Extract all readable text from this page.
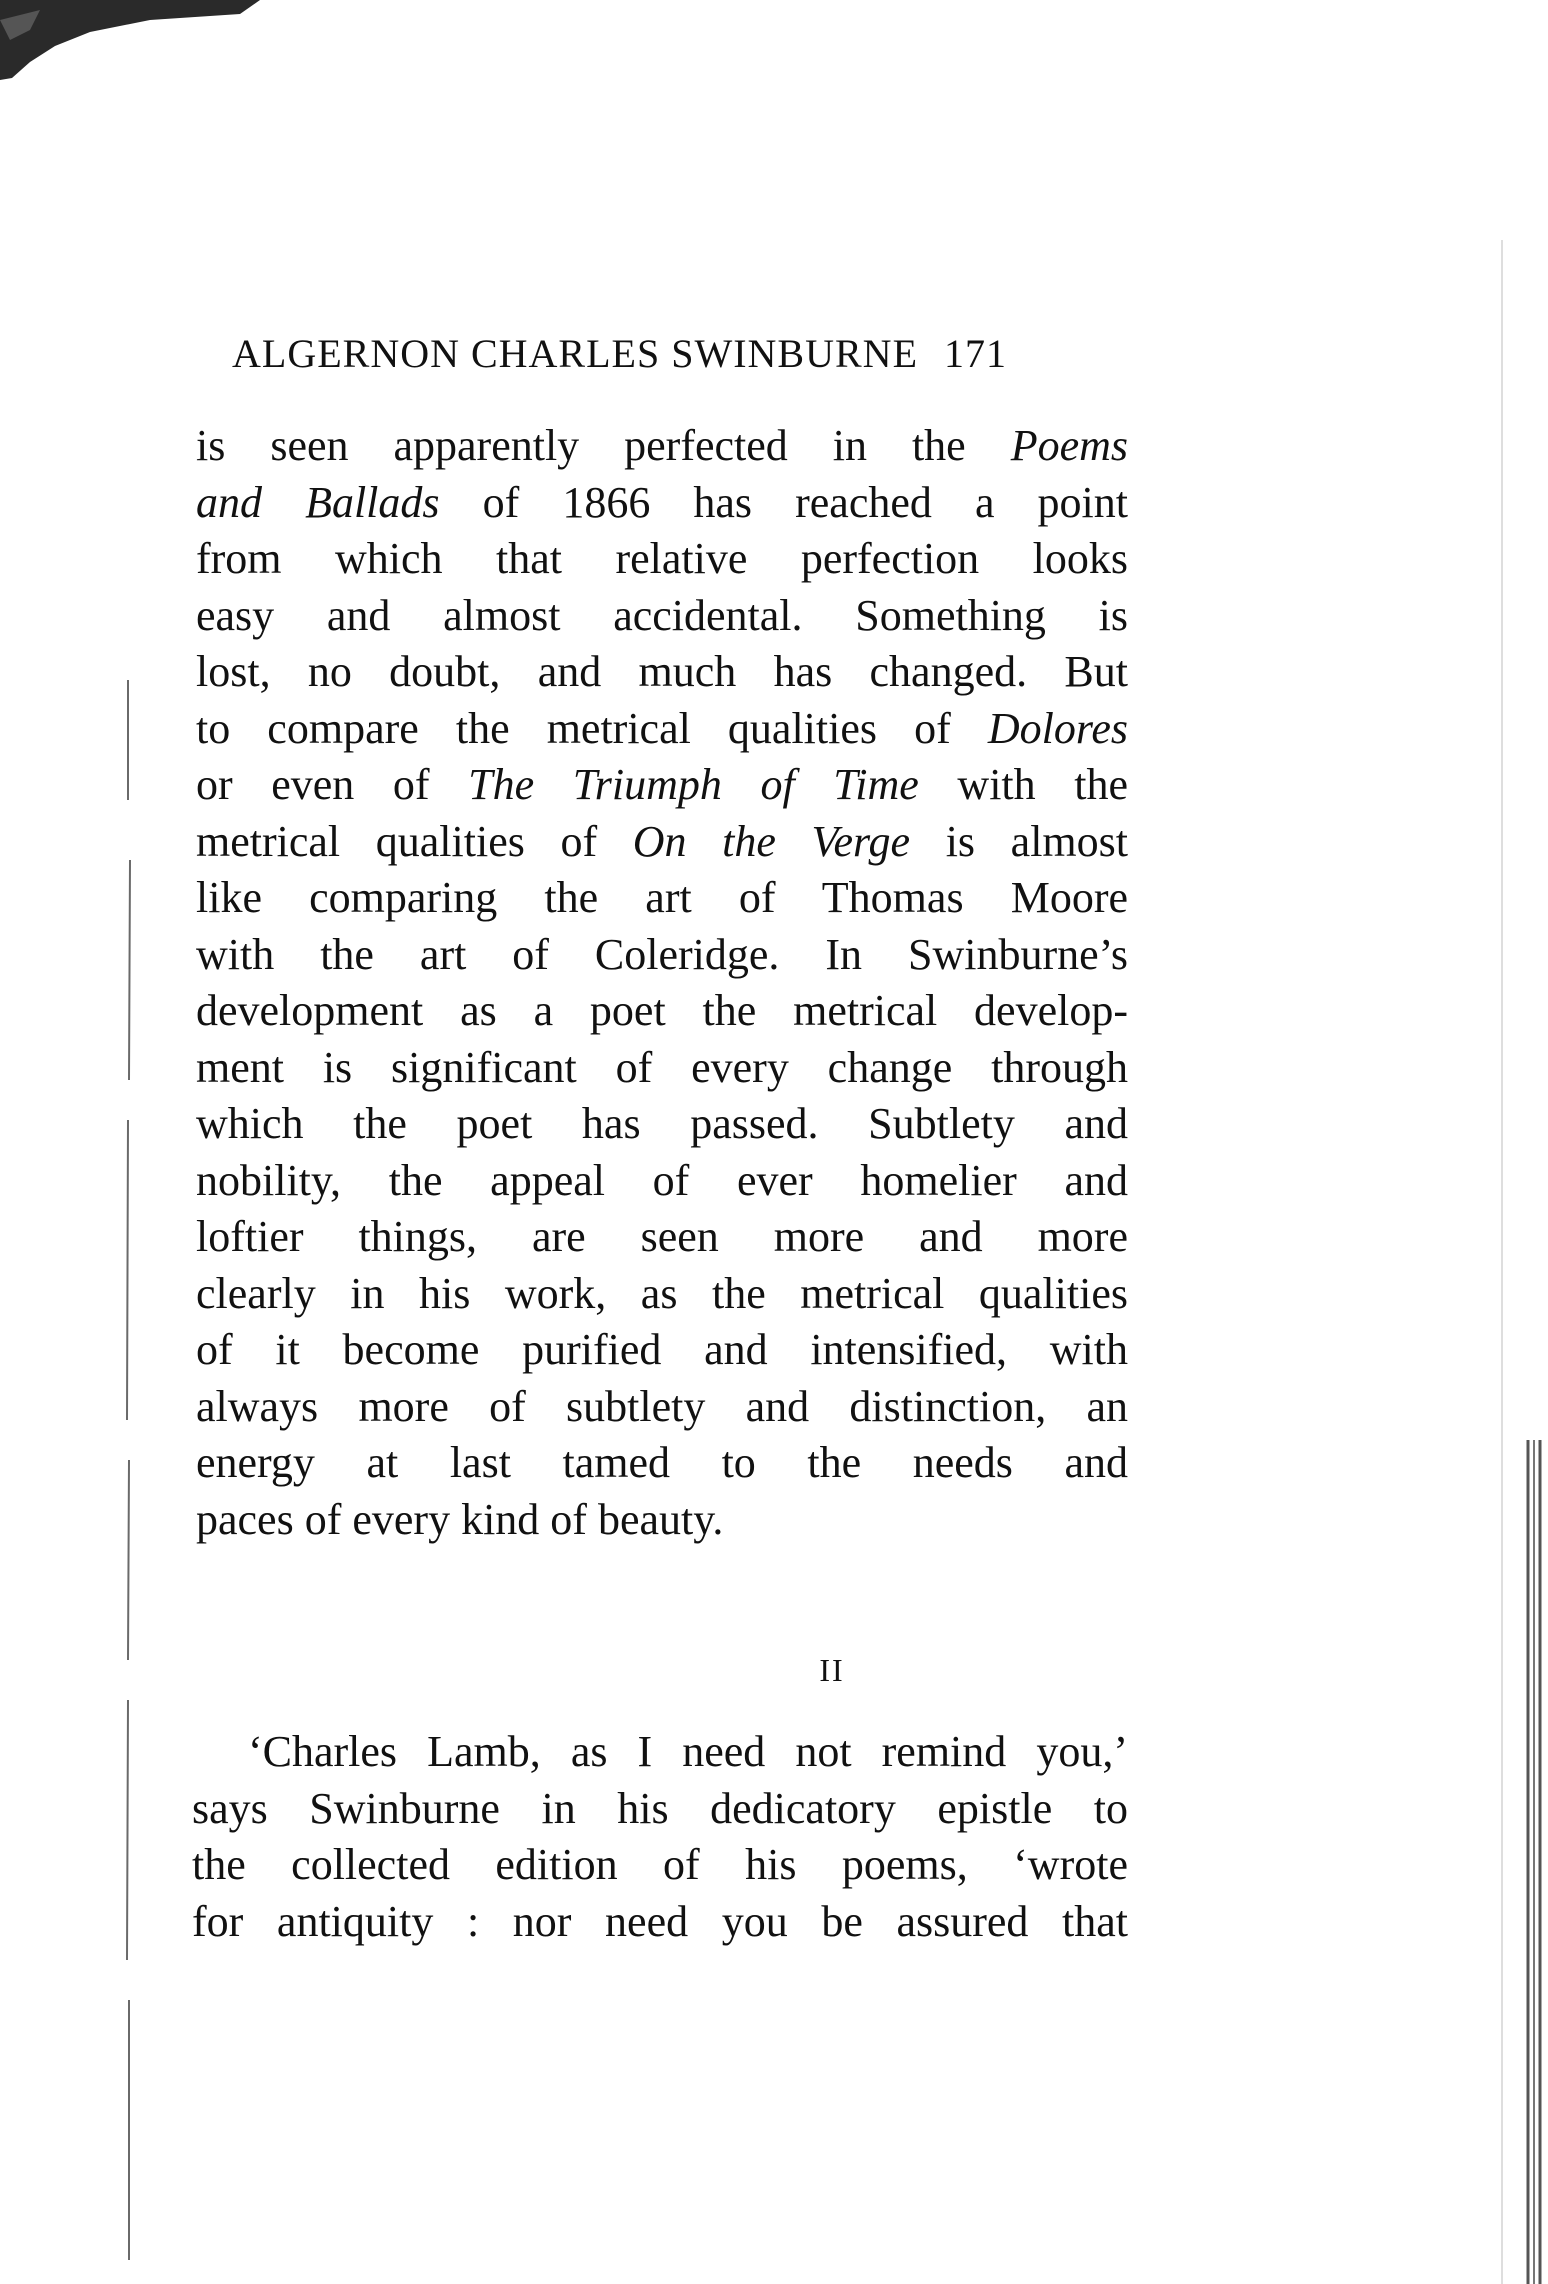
ALGERNON CHARLES SWINBURNE 171
is seen apparently perfected in the Poems
and Ballads of 1866 has reached a point
from which that relative perfection looks
easy and almost accidental. Something is
lost, no doubt, and much has changed. But
to compare the metrical qualities of Dolores
or even of The Triumph of Time with the
metrical qualities of On the Verge is almost
like comparing the art of Thomas Moore
with the art of Coleridge. In Swinburne’s
development as a poet the metrical develop-
ment is significant of every change through
which the poet has passed. Subtlety and
nobility, the appeal of ever homelier and
loftier things, are seen more and more
clearly in his work, as the metrical qualities
of it become purified and intensified, with
always more of subtlety and distinction, an
energy at last tamed to the needs and
paces of every kind of beauty.
II
‘Charles Lamb, as I need not remind you,’
says Swinburne in his dedicatory epistle to
the collected edition of his poems, ‘wrote
for antiquity : nor need you be assured that
